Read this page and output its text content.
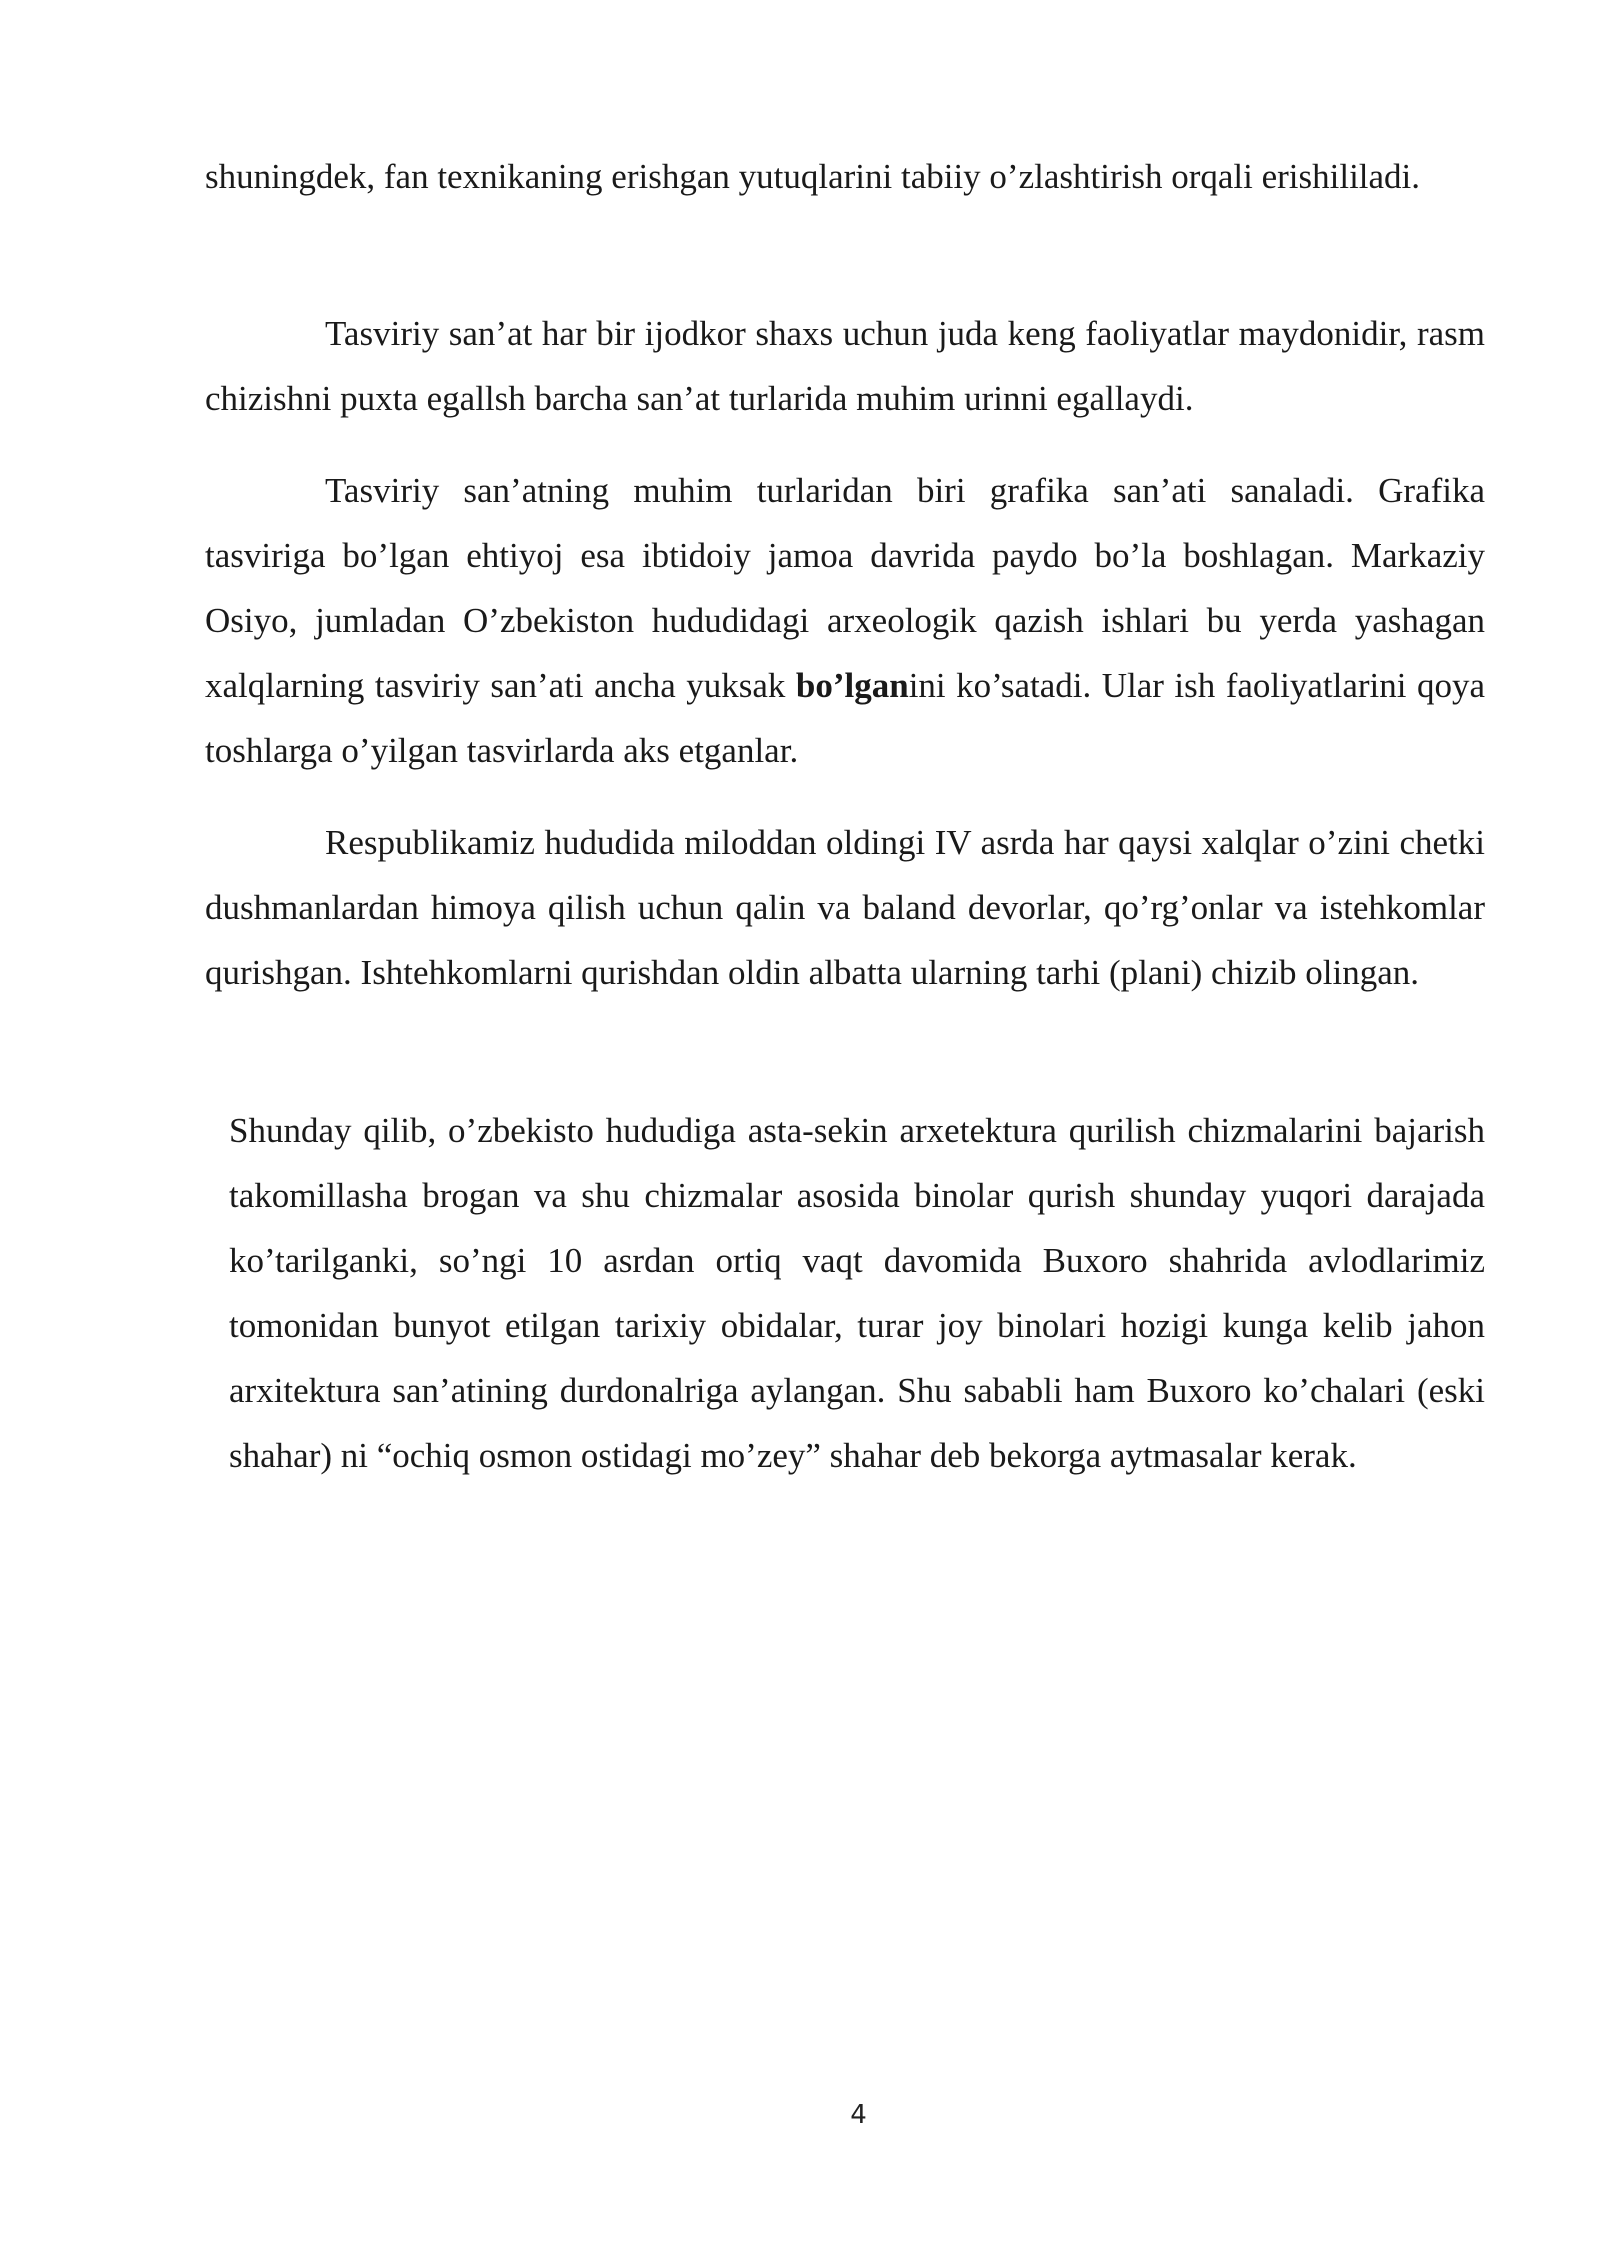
shuningdek, fan texnikaning erishgan yutuqlarini tabiiy o’zlashtirish orqali erishililadi.

Tasviriy san’at har bir ijodkor shaxs uchun juda keng faoliyatlar maydonidir, rasm chizishni puxta egallsh barcha san’at turlarida muhim urinni egallaydi.

Tasviriy san’atning muhim turlaridan biri grafika san’ati sanaladi. Grafika tasviriga bo’lgan ehtiyoj esa ibtidoiy jamoa davrida paydo bo’la boshlagan. Markaziy Osiyo, jumladan O’zbekiston hududidagi arxeologik qazish ishlari bu yerda yashagan xalqlarning tasviriy san’ati ancha yuksak bo’lganini ko’satadi. Ular ish faoliyatlarini qoya toshlarga o’yilgan tasvirlarda aks etganlar.

Respublikamiz hududida miloddan oldingi IV asrda har qaysi xalqlar o’zini chetki dushmanlardan himoya qilish uchun qalin va baland devorlar, qo’rg’onlar va istehkomlar qurishgan. Ishtehkomlarni qurishdan oldin albatta ularning tarhi (plani) chizib olingan.

Shunday qilib, o’zbekisto hududiga asta-sekin arxetektura qurilish chizmalarini bajarish takomillasha brogan va shu chizmalar asosida binolar qurish shunday yuqori darajada ko’tarilganki, so’ngi 10 asrdan ortiq vaqt davomida Buxoro shahrida avlodlarimiz tomonidan bunyot etilgan tarixiy obidalar, turar joy binolari hozigi kunga kelib jahon arxitektura san’atining durdonalriga aylangan. Shu sababli ham Buxoro ko’chalari (eski shahar) ni “ochiq osmon ostidagi mo’zey” shahar deb bekorga aytmasalar kerak.

4
